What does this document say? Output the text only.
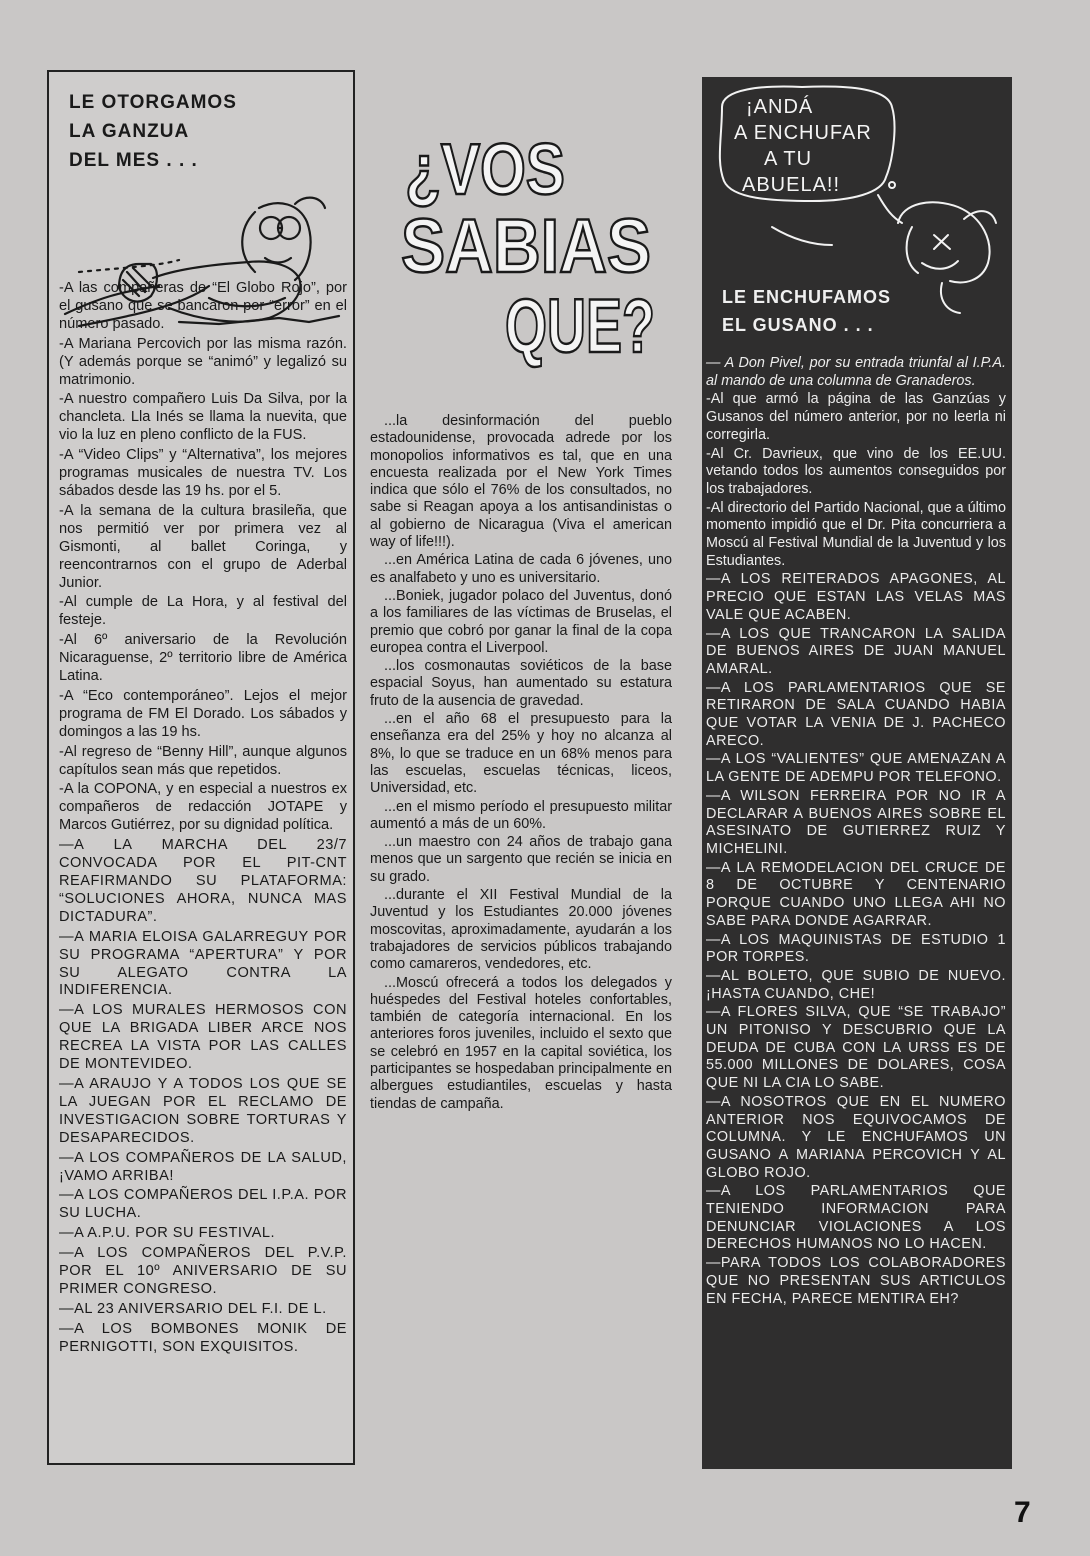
LE OTORGAMOS
LA GANZUA
DEL MES . . .

-A las compañeras de “El Globo Rojo”, por el gusano que se bancaron por “error” en el número pasado.

-A Mariana Percovich por las misma razón. (Y además porque se “animó” y legalizó su matrimonio.

-A nuestro compañero Luis Da Silva, por la chancleta. Lla Inés se llama la nuevita, que vio la luz en pleno conflicto de la FUS.

-A “Video Clips” y “Alternativa”, los mejores programas musicales de nuestra TV. Los sábados desde las 19 hs. por el 5.

-A la semana de la cultura brasileña, que nos permitió ver por primera vez al Gismonti, al ballet Coringa, y reencontrarnos con el grupo de Aderbal Junior.

-Al cumple de La Hora, y al festival del festeje.

-Al 6º aniversario de la Revolución Nicaraguense, 2º territorio libre de América Latina.

-A “Eco contemporáneo”. Lejos el mejor programa de FM El Dorado. Los sábados y domingos a las 19 hs.

-Al regreso de “Benny Hill”, aunque algunos capítulos sean más que repetidos.

-A la COPONA, y en especial a nuestros ex compañeros de redacción JOTAPE y Marcos Gutiérrez, por su dignidad política.

—A LA MARCHA DEL 23/7 CONVOCADA POR EL PIT-CNT REAFIRMANDO SU PLATAFORMA: “SOLUCIONES AHORA, NUNCA MAS DICTADURA”.

—A MARIA ELOISA GALARREGUY POR SU PROGRAMA “APERTURA” Y POR SU ALEGATO CONTRA LA INDIFERENCIA.

—A LOS MURALES HERMOSOS CON QUE LA BRIGADA LIBER ARCE NOS RECREA LA VISTA POR LAS CALLES DE MONTEVIDEO.

—A ARAUJO Y A TODOS LOS QUE SE LA JUEGAN POR EL RECLAMO DE INVESTIGACION SOBRE TORTURAS Y DESAPARECIDOS.

—A LOS COMPAÑEROS DE LA SALUD, ¡VAMO ARRIBA!

—A LOS COMPAÑEROS DEL I.P.A. POR SU LUCHA.

—A A.P.U. POR SU FESTIVAL.

—A LOS COMPAÑEROS DEL P.V.P. POR EL 10º ANIVERSARIO DE SU PRIMER CONGRESO.

—AL 23 ANIVERSARIO DEL F.I. DE L.

—A LOS BOMBONES MONIK DE PERNIGOTTI, SON EXQUISITOS.

¿VOS
SABIAS
QUE?

...la desinformación del pueblo estadounidense, provocada adrede por los monopolios informativos es tal, que en una encuesta realizada por el New York Times indica que sólo el 76% de los consultados, no sabe si Reagan apoya a los antisandinistas o al gobierno de Nicaragua (Viva el american way of life!!!).

...en América Latina de cada 6 jóvenes, uno es analfabeto y uno es universitario.

...Boniek, jugador polaco del Juventus, donó a los familiares de las víctimas de Bruselas, el premio que cobró por ganar la final de la copa europea contra el Liverpool.

...los cosmonautas soviéticos de la base espacial Soyus, han aumentado su estatura fruto de la ausencia de gravedad.

...en el año 68 el presupuesto para la enseñanza era del 25% y hoy no alcanza al 8%, lo que se traduce en un 68% menos para las escuelas, escuelas técnicas, liceos, Universidad, etc.

...en el mismo período el presupuesto militar aumentó a más de un 60%.

...un maestro con 24 años de trabajo gana menos que un sargento que recién se inicia en su grado.

...durante el XII Festival Mundial de la Juventud y los Estudiantes 20.000 jóvenes moscovitas, aproximadamente, ayudarán a los trabajadores de servicios públicos trabajando como camareros, vendedores, etc.

...Moscú ofrecerá a todos los delegados y huéspedes del Festival hoteles confortables, también de categoría internacional. En los anteriores foros juveniles, incluido el sexto que se celebró en 1957 en la capital soviética, los participantes se hospedaban principalmente en albergues estudiantiles, escuelas y hasta tiendas de campaña.

¡ANDÁ
A ENCHUFAR
A TU
ABUELA!!
LE ENCHUFAMOS
EL GUSANO . . .

— A Don Pivel, por su entrada triunfal al I.P.A. al mando de una columna de Granaderos.

-Al que armó la página de las Ganzúas y Gusanos del número anterior, por no leerla ni corregirla.

-Al Cr. Davrieux, que vino de los EE.UU. vetando todos los aumentos conseguidos por los trabajadores.

-Al directorio del Partido Nacional, que a último momento impidió que el Dr. Pita concurriera a Moscú al Festival Mundial de la Juventud y los Estudiantes.

—A LOS REITERADOS APAGONES, AL PRECIO QUE ESTAN LAS VELAS MAS VALE QUE ACABEN.

—A LOS QUE TRANCARON LA SALIDA DE BUENOS AIRES DE JUAN MANUEL AMARAL.

—A LOS PARLAMENTARIOS QUE SE RETIRARON DE SALA CUANDO HABIA QUE VOTAR LA VENIA DE J. PACHECO ARECO.

—A LOS “VALIENTES” QUE AMENAZAN A LA GENTE DE ADEMPU POR TELEFONO.

—A WILSON FERREIRA POR NO IR A DECLARAR A BUENOS AIRES SOBRE EL ASESINATO DE GUTIERREZ RUIZ Y MICHELINI.

—A LA REMODELACION DEL CRUCE DE 8 DE OCTUBRE Y CENTENARIO PORQUE CUANDO UNO LLEGA AHI NO SABE PARA DONDE AGARRAR.

—A LOS MAQUINISTAS DE ESTUDIO 1 POR TORPES.

—AL BOLETO, QUE SUBIO DE NUEVO. ¡HASTA CUANDO, CHE!

—A FLORES SILVA, QUE “SE TRABAJO” UN PITONISO Y DESCUBRIO QUE LA DEUDA DE CUBA CON LA URSS ES DE 55.000 MILLONES DE DOLARES, COSA QUE NI LA CIA LO SABE.

—A NOSOTROS QUE EN EL NUMERO ANTERIOR NOS EQUIVOCAMOS DE COLUMNA. Y LE ENCHUFAMOS UN GUSANO A MARIANA PERCOVICH Y AL GLOBO ROJO.

—A LOS PARLAMENTARIOS QUE TENIENDO INFORMACION PARA DENUNCIAR VIOLACIONES A LOS DERECHOS HUMANOS NO LO HACEN.

—PARA TODOS LOS COLABORADORES QUE NO PRESENTAN SUS ARTICULOS EN FECHA, PARECE MENTIRA EH?

7
